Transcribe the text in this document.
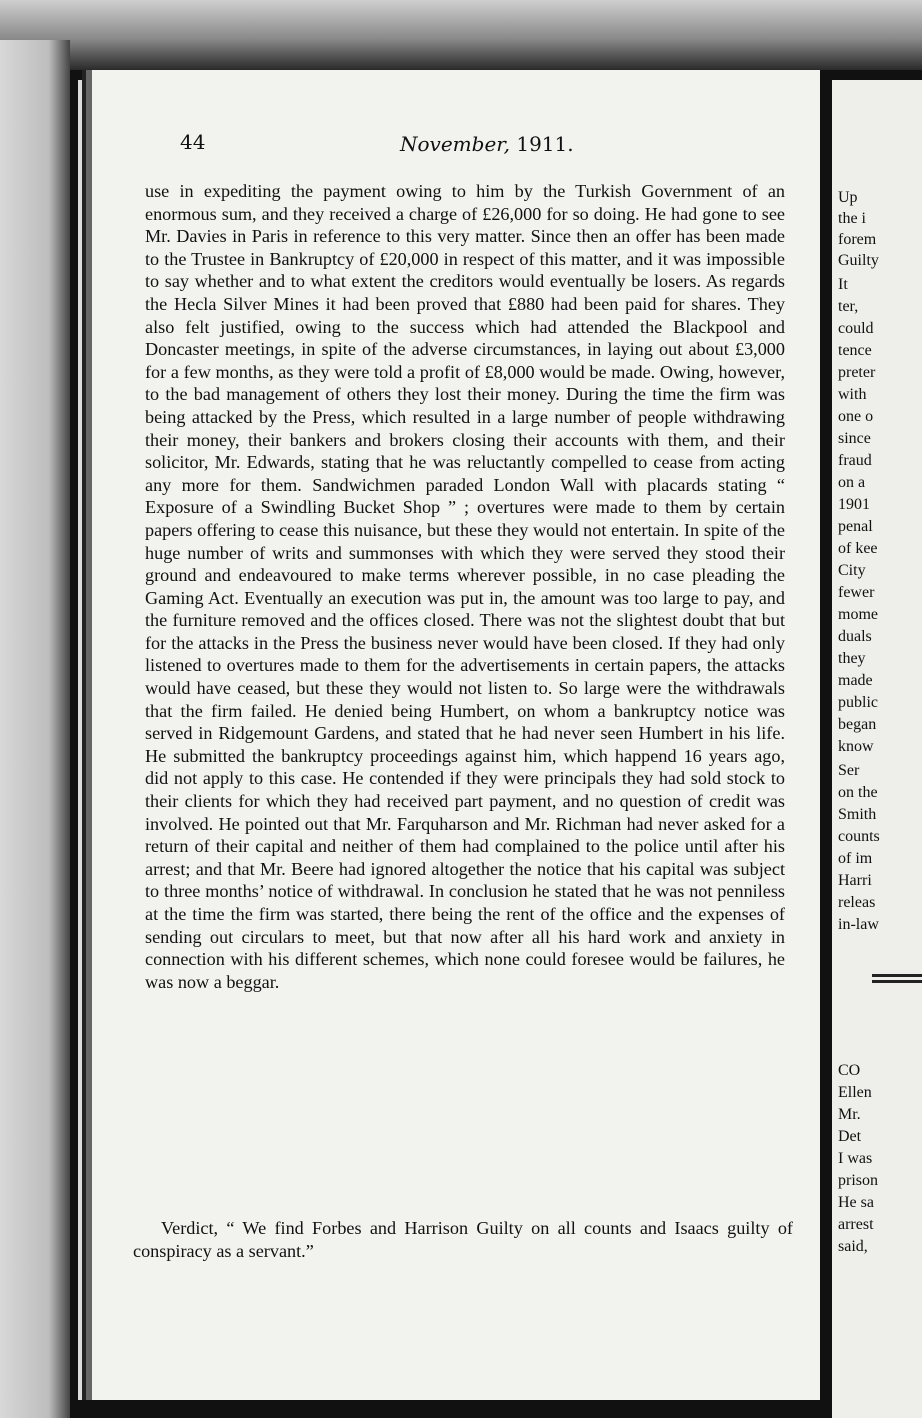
44	November, 1911.

use in expediting the payment owing to him by the Turkish Government of an enormous sum, and they received a charge of £26,000 for so doing. He had gone to see Mr. Davies in Paris in reference to this very matter. Since then an offer has been made to the Trustee in Bankruptcy of £20,000 in respect of this matter, and it was impossible to say whether and to what extent the creditors would eventually be losers. As regards the Hecla Silver Mines it had been proved that £880 had been paid for shares. They also felt justified, owing to the success which had attended the Blackpool and Doncaster meetings, in spite of the adverse circumstances, in laying out about £3,000 for a few months, as they were told a profit of £8,000 would be made. Owing, however, to the bad management of others they lost their money. During the time the firm was being attacked by the Press, which resulted in a large number of people withdrawing their money, their bankers and brokers closing their accounts with them, and their solicitor, Mr. Edwards, stating that he was reluctantly compelled to cease from acting any more for them. Sandwichmen paraded London Wall with placards stating “ Exposure of a Swindling Bucket Shop ” ; overtures were made to them by certain papers offering to cease this nuisance, but these they would not entertain. In spite of the huge number of writs and summonses with which they were served they stood their ground and endeavoured to make terms wherever possible, in no case pleading the Gaming Act. Eventually an execution was put in, the amount was too large to pay, and the furniture removed and the offices closed. There was not the slightest doubt that but for the attacks in the Press the business never would have been closed. If they had only listened to overtures made to them for the advertisements in certain papers, the attacks would have ceased, but these they would not listen to. So large were the withdrawals that the firm failed. He denied being Humbert, on whom a bankruptcy notice was served in Ridgemount Gardens, and stated that he had never seen Humbert in his life. He submitted the bankruptcy proceedings against him, which happend 16 years ago, did not apply to this case. He contended if they were principals they had sold stock to their clients for which they had received part payment, and no question of credit was involved. He pointed out that Mr. Farquharson and Mr. Richman had never asked for a return of their capital and neither of them had complained to the police until after his arrest; and that Mr. Beere had ignored altogether the notice that his capital was subject to three months’ notice of withdrawal. In conclusion he stated that he was not penniless at the time the firm was started, there being the rent of the office and the expenses of sending out circulars to meet, but that now after all his hard work and anxiety in connection with his different schemes, which none could foresee would be failures, he was now a beggar.

Verdict, “ We find Forbes and Harrison Guilty on all counts and Isaacs guilty of conspiracy as a servant.”

Up
the i
forem
Guilty
It
ter,
could
tence
preter
with
one o
since
fraud
on a
1901
penal
of kee
City
fewer
mome
duals
they
made
public
began
know
Ser
on the
Smith
counts
of im
Harri
releas
in-law
CO
Ellen
Mr.
Det
I was
prison
He sa
arrest
said,
